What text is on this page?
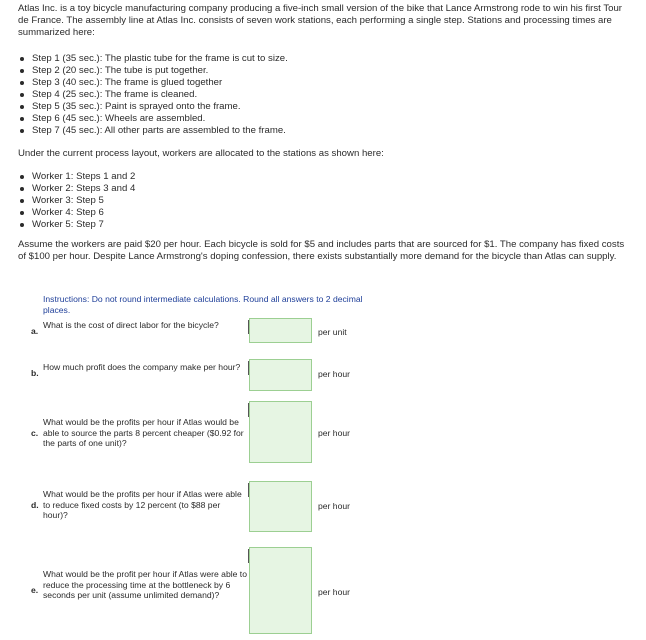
Atlas Inc. is a toy bicycle manufacturing company producing a five-inch small version of the bike that Lance Armstrong rode to win his first Tour de France. The assembly line at Atlas Inc. consists of seven work stations, each performing a single step. Stations and processing times are summarized here:

Step 1 (35 sec.): The plastic tube for the frame is cut to size.
Step 2 (20 sec.): The tube is put together.
Step 3 (40 sec.): The frame is glued together
Step 4 (25 sec.): The frame is cleaned.
Step 5 (35 sec.): Paint is sprayed onto the frame.
Step 6 (45 sec.): Wheels are assembled.
Step 7 (45 sec.): All other parts are assembled to the frame.

Under the current process layout, workers are allocated to the stations as shown here:

Worker 1: Steps 1 and 2
Worker 2: Steps 3 and 4
Worker 3: Step 5
Worker 4: Step 6
Worker 5: Step 7

Assume the workers are paid $20 per hour. Each bicycle is sold for $5 and includes parts that are sourced for $1. The company has fixed costs of $100 per hour. Despite Lance Armstrong's doping confession, there exists substantially more demand for the bicycle than Atlas can supply.

Instructions: Do not round intermediate calculations. Round all answers to 2 decimal places.
a.
What is the cost of direct labor for the bicycle?
per unit
b.
How much profit does the company make per hour?
per hour
c.
What would be the profits per hour if Atlas would be able to source the parts 8 percent cheaper ($0.92 for the parts of one unit)?
per hour
d.
What would be the profits per hour if Atlas were able to reduce fixed costs by 12 percent (to $88 per hour)?
per hour
e.
What would be the profit per hour if Atlas were able to reduce the processing time at the bottleneck by 6 seconds per unit (assume unlimited demand)?	per hour
